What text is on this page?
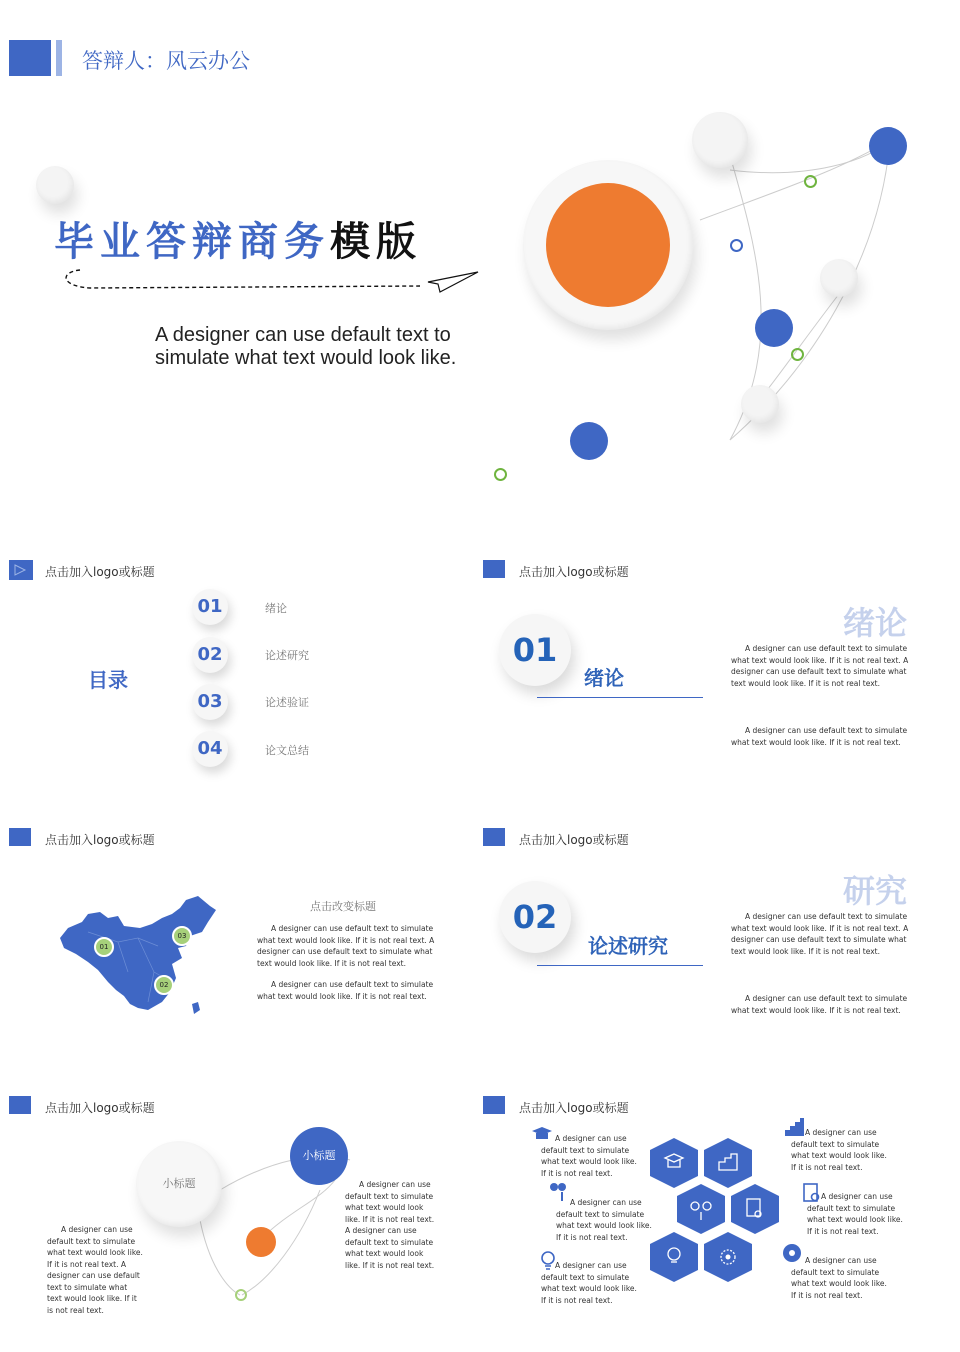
答辩人：风云办公
毕业答辩商务模版
A designer can use default text to
simulate what text would look like.
点击加入logo或标题
目录
01	绪论
02	论述研究
03	论述验证
04	论文总结
点击加入logo或标题
01
绪论
绪论
A designer can use default text to simulate what text would look like. If it is not real text. A designer can use default text to simulate what text would look like. If it is not real text.
A designer can use default text to simulate what text would look like. If it is not real text.
点击加入logo或标题
01
02
03
点击改变标题
A designer can use default text to simulate what text would look like. If it is not real text. A designer can use default text to simulate what text would look like. If it is not real text.
A designer can use default text to simulate what text would look like. If it is not real text.
点击加入logo或标题
02
论述研究
研究
A designer can use default text to simulate what text would look like. If it is not real text. A designer can use default text to simulate what text would look like. If it is not real text.
A designer can use default text to simulate what text would look like. If it is not real text.
点击加入logo或标题
小标题
小标题
A designer can use default text to simulate what text would look like. If it is not real text. A designer can use default text to simulate what text would look like. If it is not real text.
A designer can use default text to simulate what text would look like. If it is not real text. A designer can use default text to simulate what text would look like. If it is not real text.
点击加入logo或标题
A designer can use default text to simulate what text would look like. If it is not real text.
A designer can use default text to simulate what text would look like. If it is not real text.
A designer can use default text to simulate what text would look like. If it is not real text.
A designer can use default text to simulate what text would look like. If it is not real text.
A designer can use default text to simulate what text would look like. If it is not real text.
A designer can use default text to simulate what text would look like. If it is not real text.
